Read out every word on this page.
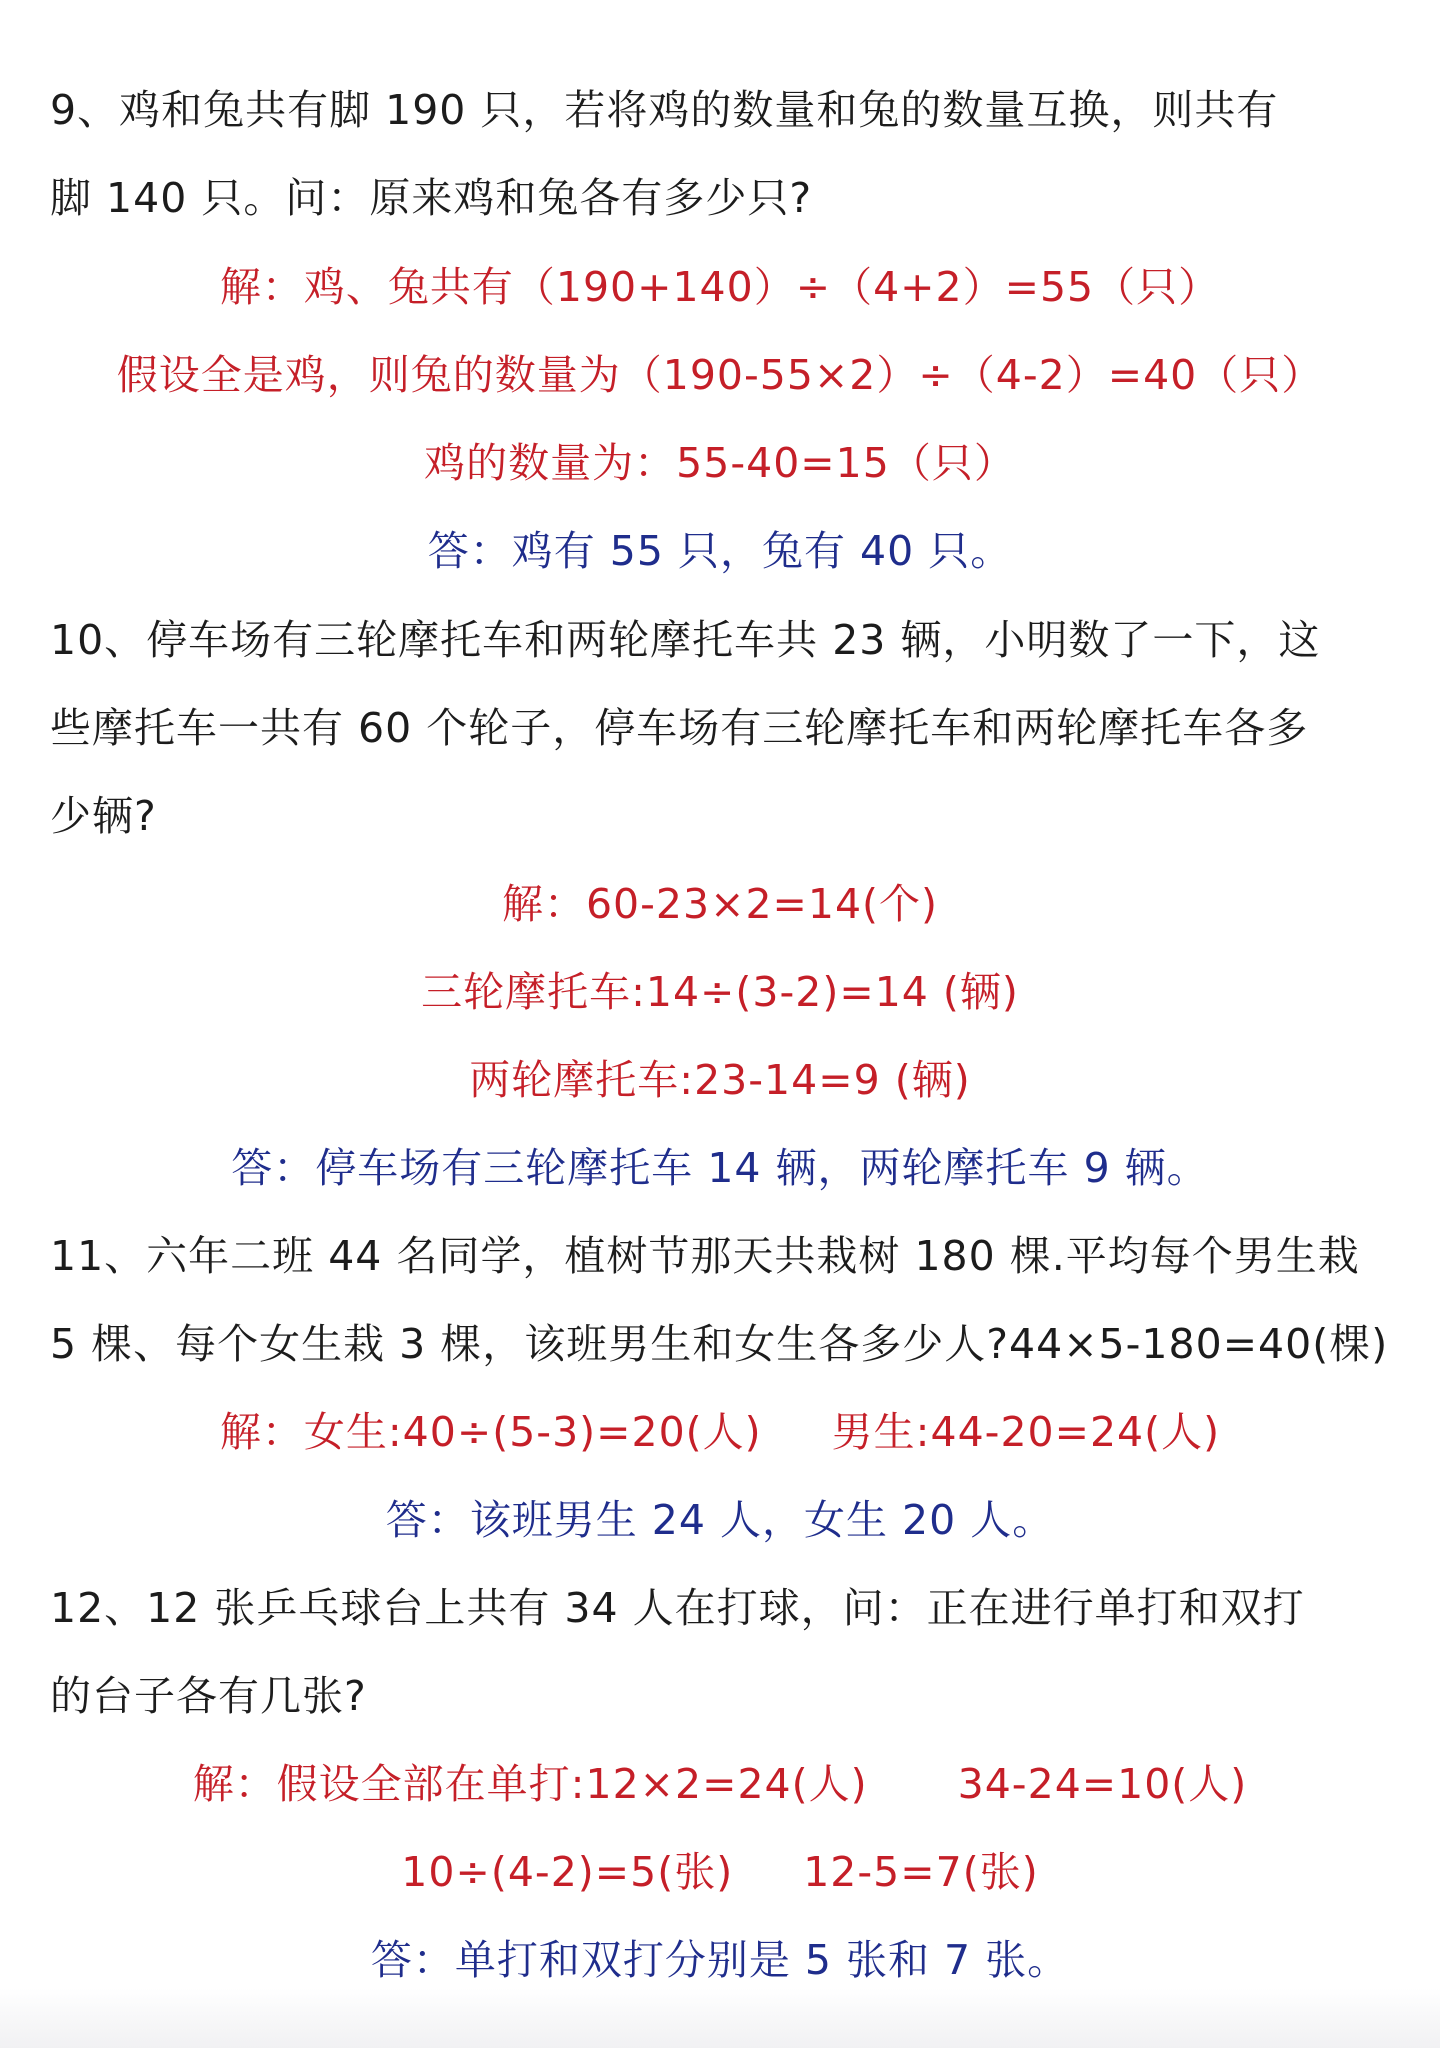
9、鸡和兔共有脚 190 只，若将鸡的数量和兔的数量互换，则共有
脚 140 只。问：原来鸡和兔各有多少只?
解：鸡、兔共有（190+140）÷（4+2）=55（只）
假设全是鸡，则兔的数量为（190-55×2）÷（4-2）=40（只）
鸡的数量为：55-40=15（只）
答：鸡有 55 只，兔有 40 只。
10、停车场有三轮摩托车和两轮摩托车共 23 辆，小明数了一下，这
些摩托车一共有 60 个轮子，停车场有三轮摩托车和两轮摩托车各多
少辆?
解：60-23×2=14(个)
三轮摩托车:14÷(3-2)=14 (辆)
两轮摩托车:23-14=9 (辆)
答：停车场有三轮摩托车 14 辆，两轮摩托车 9 辆。
11、六年二班 44 名同学，植树节那天共栽树 180 棵.平均每个男生栽
5 棵、每个女生栽 3 棵，该班男生和女生各多少人?44×5-180=40(棵)
解：女生:40÷(5-3)=20(人) 男生:44-20=24(人)
答：该班男生 24 人，女生 20 人。
12、12 张乒乓球台上共有 34 人在打球，问：正在进行单打和双打
的台子各有几张?
解：假设全部在单打:12×2=24(人) 34-24=10(人)
10÷(4-2)=5(张) 12-5=7(张)
答：单打和双打分别是 5 张和 7 张。
